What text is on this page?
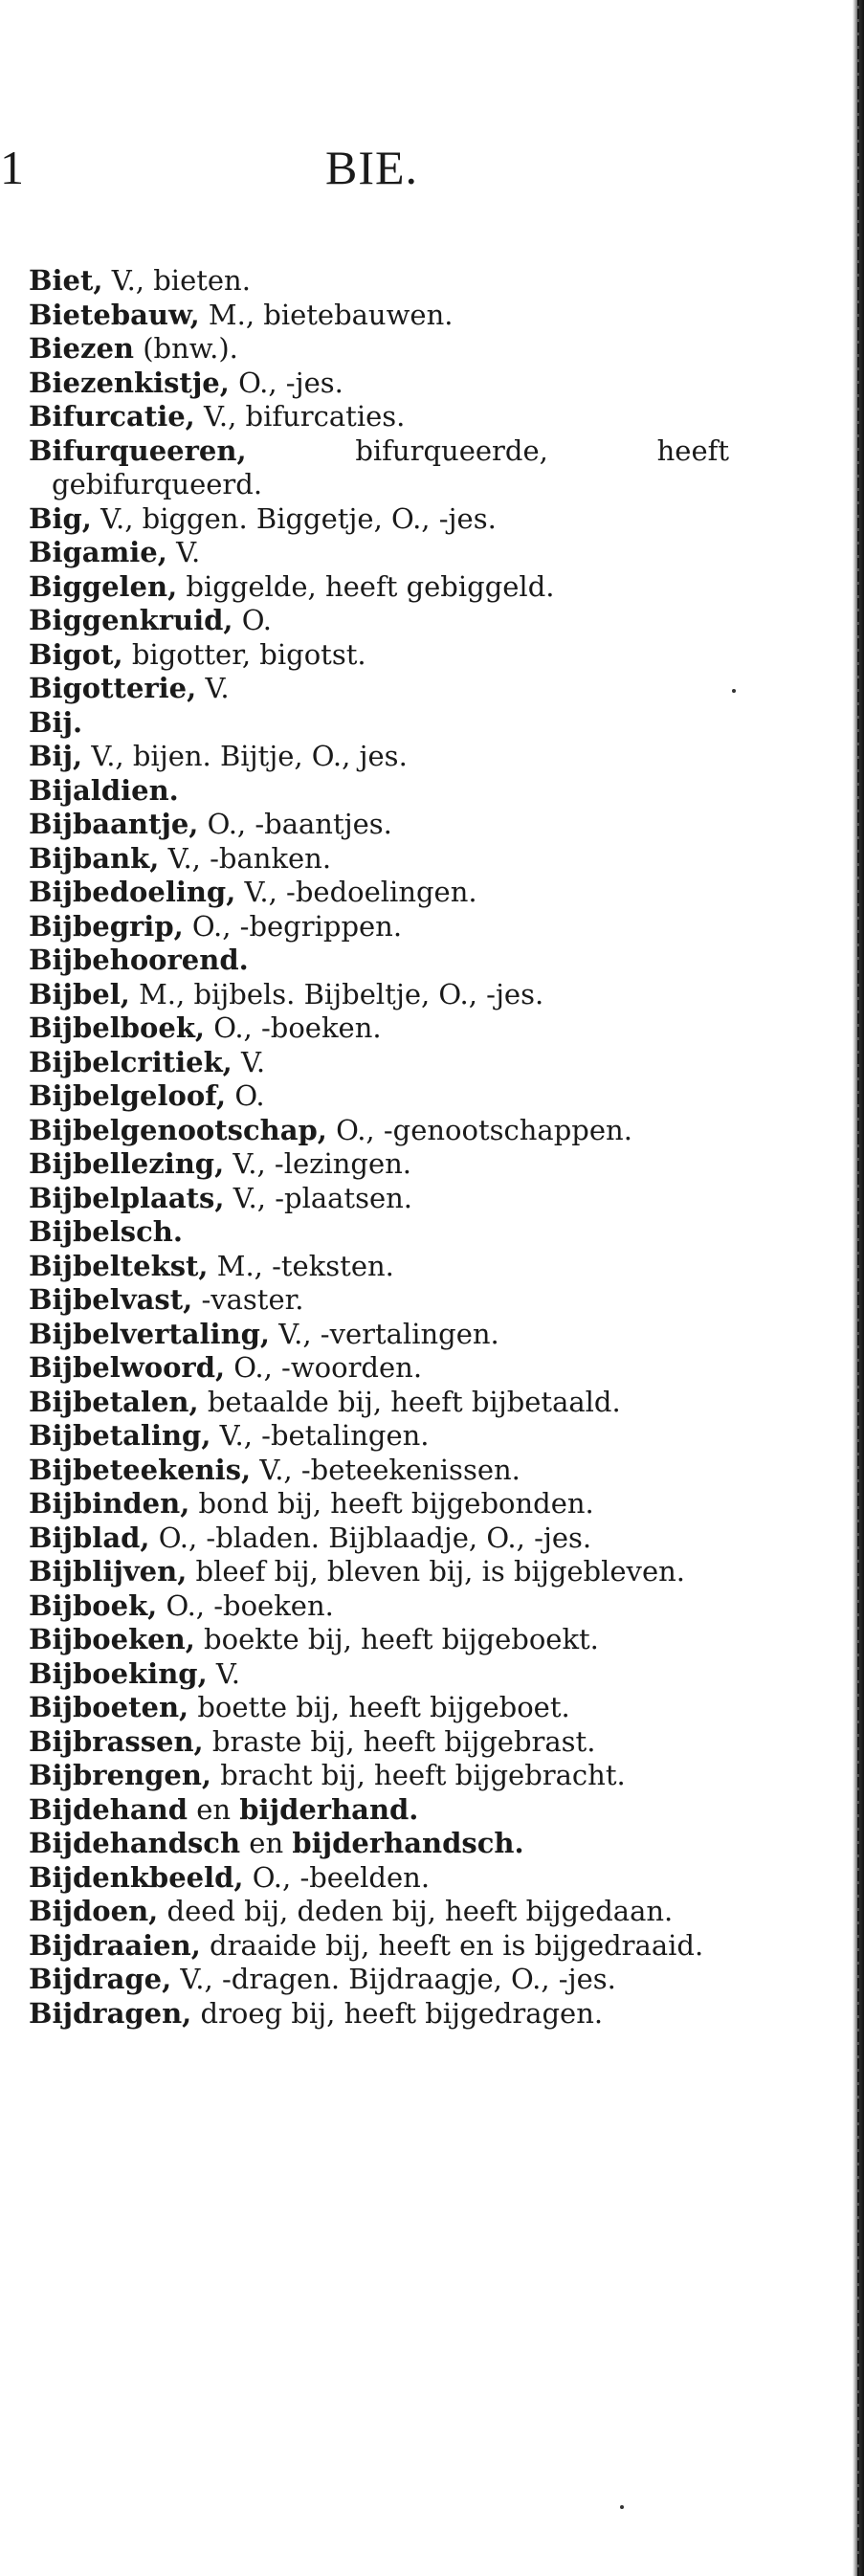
1	BIE.
Biet, V., bieten.
Bietebauw, M., bietebauwen.
Biezen (bnw.).
Biezenkistje, O., -jes.
Bifurcatie, V., bifurcaties.
Bifurqueeren,	bifurqueerde, heeft gebifurqueerd.
Big, V., biggen. Biggetje, O., -jes.
Bigamie, V.
Biggelen, biggelde, heeft gebiggeld.
Biggenkruid, O.
Bigot, bigotter, bigotst.
Bigotterie, V.
Bij.
Bij, V., bijen. Bijtje, O., jes.
Bijaldien.
Bijbaantje, O., -baantjes.
Bijbank, V., -banken.
Bijbedoeling, V., -bedoelingen.
Bijbegrip, O., -begrippen.
Bijbehoorend.
Bijbel, M., bijbels. Bijbeltje, O., -jes.
Bijbelboek, O., -boeken.
Bijbelcritiek, V.
Bijbelgeloof, O.
Bijbelgenootschap, O., -genootschappen.
Bijbellezing, V., -lezingen.
Bijbelplaats, V., -plaatsen.
Bijbelsch.
Bijbeltekst, M., -teksten.
Bijbelvast, -vaster.
Bijbelvertaling, V., -vertalingen.
Bijbelwoord, O., -woorden.
Bijbetalen, betaalde bij, heeft bijbetaald.
Bijbetaling, V., -betalingen.
Bijbeteekenis, V., -beteekenissen.
Bijbinden, bond bij, heeft bijgebonden.
Bijblad, O., -bladen. Bijblaadje, O., -jes.
Bijblijven, bleef bij, bleven bij, is bijgebleven.
Bijboek, O., -boeken.
Bijboeken, boekte bij, heeft bijgeboekt.
Bijboeking, V.
Bijboeten, boette bij, heeft bijgeboet.
Bijbrassen, braste bij, heeft bijgebrast.
Bijbrengen, bracht bij, heeft bijgebracht.
Bijdehand en bijderhand.
Bijdehandsch en bijderhandsch.
Bijdenkbeeld, O., -beelden.
Bijdoen, deed bij, deden bij, heeft bijgedaan.
Bijdraaien, draaide bij, heeft en is bijgedraaid.
Bijdrage, V., -dragen. Bijdraagje, O., -jes.
Bijdragen, droeg bij, heeft bijgedragen.
